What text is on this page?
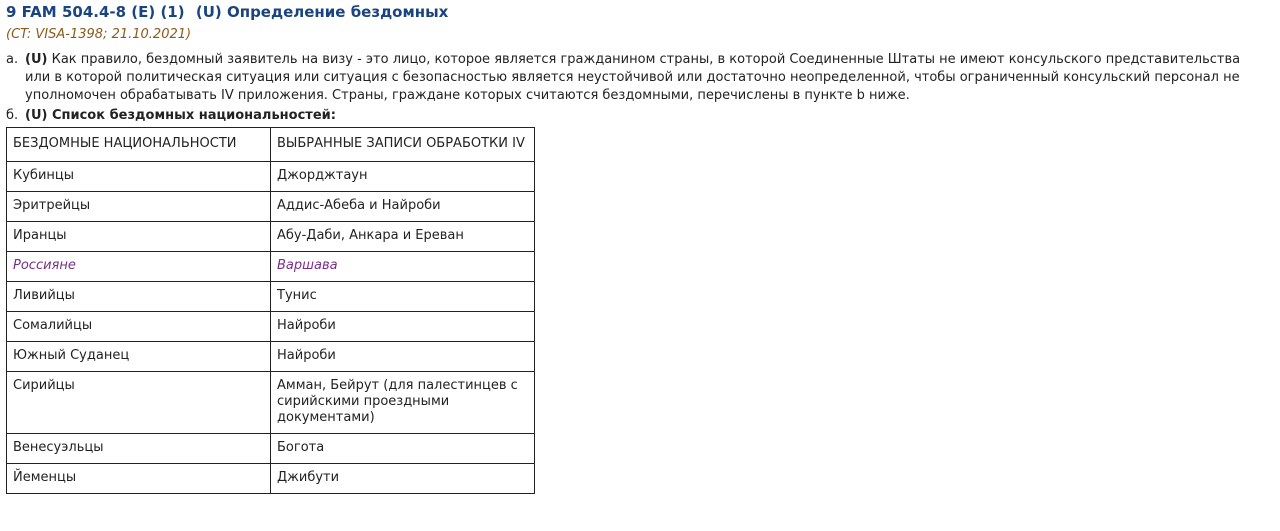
9 FAM 504.4-8 (E) (1) (U) Определение бездомных
(CT: VISA-1398; 21.10.2021)
a. (U) Как правило, бездомный заявитель на визу - это лицо, которое является гражданином страны, в которой Соединенные Штаты не имеют консульского представительства
или в которой политическая ситуация или ситуация с безопасностью является неустойчивой или достаточно неопределенной, чтобы ограниченный консульский персонал не
уполномочен обрабатывать IV приложения. Страны, граждане которых считаются бездомными, перечислены в пункте b ниже.
б. (U) Список бездомных национальностей:
БЕЗДОМНЫЕ НАЦИОНАЛЬНОСТИ	ВЫБРАННЫЕ ЗАПИСИ ОБРАБОТКИ IV
Кубинцы	Джорджтаун
Эритрейцы	Аддис-Абеба и Найроби
Иранцы	Абу-Даби, Анкара и Ереван
Россияне	Варшава
Ливийцы	Тунис
Сомалийцы	Найроби
Южный Суданец	Найроби
Сирийцы	Амман, Бейрут (для палестинцев с сирийскими проездными документами)
Венесуэльцы	Богота
Йеменцы	Джибути
